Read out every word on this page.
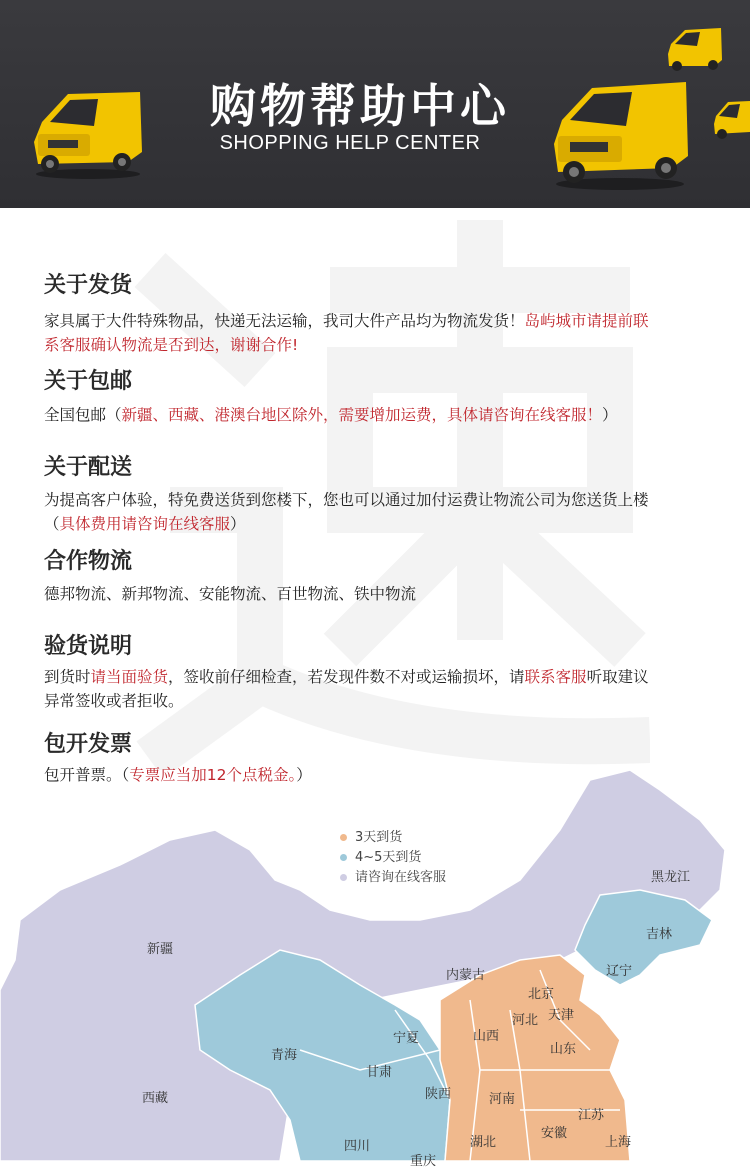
购物帮助中心
SHOPPING HELP CENTER
关于发货
家具属于大件特殊物品，快递无法运输，我司大件产品均为物流发货！岛屿城市请提前联
系客服确认物流是否到达，谢谢合作!
关于包邮
全国包邮（新疆、西藏、港澳台地区除外，需要增加运费，具体请咨询在线客服！）
关于配送
为提高客户体验，特免费送货到您楼下，您也可以通过加付运费让物流公司为您送货上楼
（具体费用请咨询在线客服）
合作物流
德邦物流、新邦物流、安能物流、百世物流、铁中物流
验货说明
到货时请当面验货，签收前仔细检查，若发现件数不对或运输损坏，请联系客服听取建议
异常签收或者拒收。
包开发票
包开普票。（专票应当加12个点税金。）
3天到货
4~5天到货
请咨询在线客服	黑龙江
吉林
辽宁
新疆
内蒙古
北京
天津
河北
宁夏	山西
山东
青海
甘肃
陕西	河南
西藏
江苏
安徽
四川	湖北	上海
重庆
